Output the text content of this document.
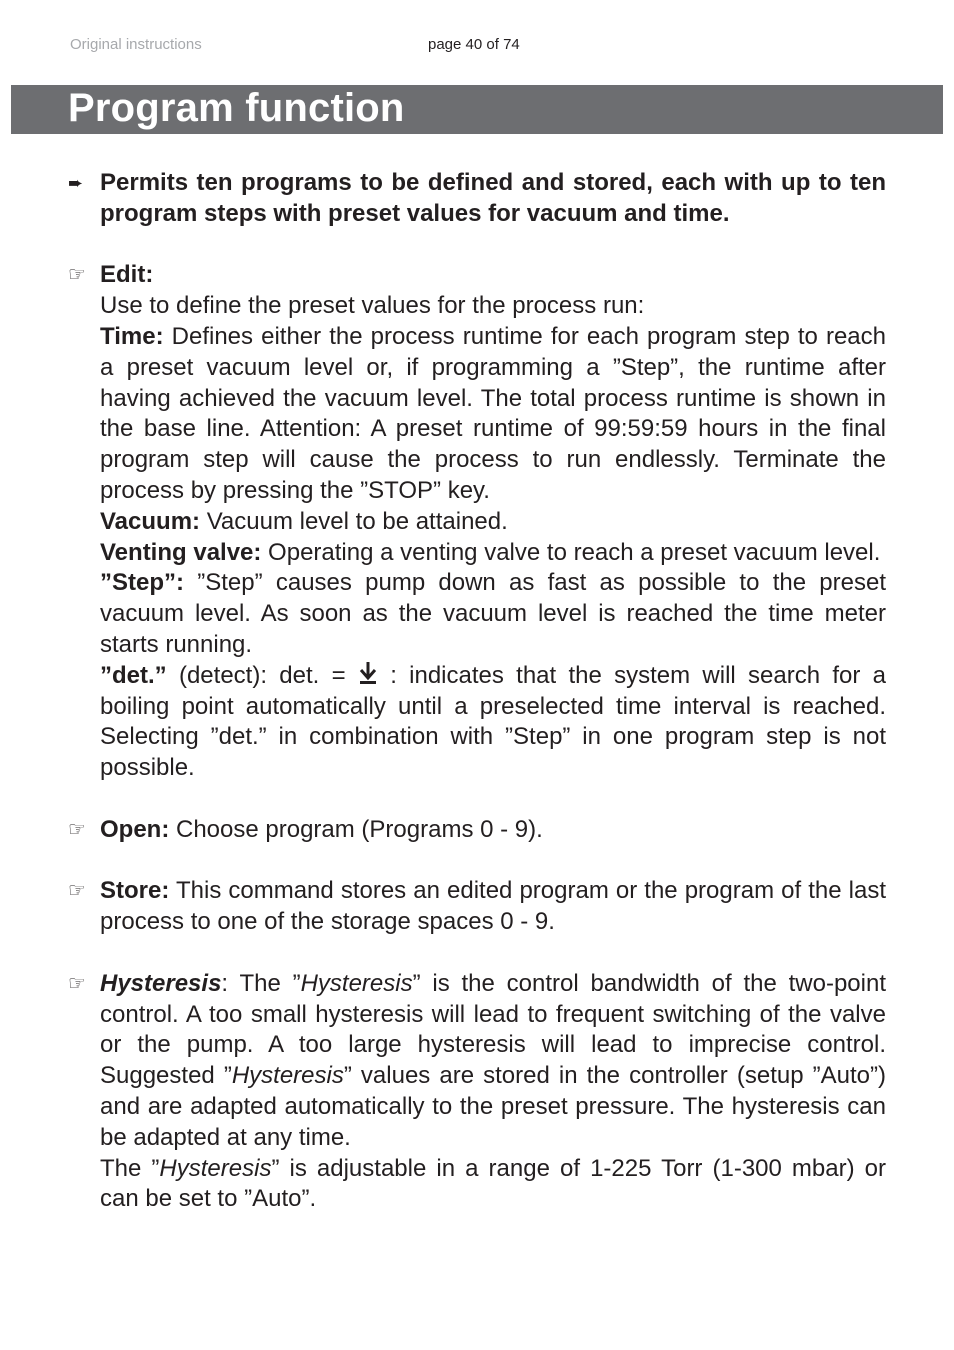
Original instructions	page 40 of 74
Program function
➨ Permits ten programs to be defined and stored, each with up to ten program steps with preset values for vacuum and time.
☞ Edit:
Use to define the preset values for the process run:
Time: Defines either the process runtime for each program step to reach a preset vacuum level or, if programming a ”Step”, the runtime after having achieved the vacuum level. The total process runtime is shown in the base line. Attention: A preset runtime of 99:59:59 hours in the final program step will cause the process to run endlessly. Terminate the process by pressing the ”STOP” key.
Vacuum: Vacuum level to be attained.
Venting valve: Operating a venting valve to reach a preset vacuum level.
”Step”: ”Step” causes pump down as fast as possible to the preset vacuum level. As soon as the vacuum level is reached the time meter starts running.
”det.” (detect): det. =  : indicates that the system will search for a boiling point automatically until a preselected time interval is reached. Selecting ”det.” in combination with ”Step” in one program step is not possible.
☞ Open: Choose program (Programs 0 - 9).
☞ Store: This command stores an edited program or the program of the last process to one of the storage spaces 0 - 9.
☞ Hysteresis: The ”Hysteresis” is the control bandwidth of the two-point control. A too small hysteresis will lead to frequent switching of the valve or the pump. A too large hysteresis will lead to imprecise control. Suggested ”Hysteresis” values are stored in the controller (setup ”Auto”) and are adapted automatically to the preset pressure. The hysteresis can be adapted at any time.
The ”Hysteresis” is adjustable in a range of 1-225 Torr (1-300 mbar) or can be set to ”Auto”.
